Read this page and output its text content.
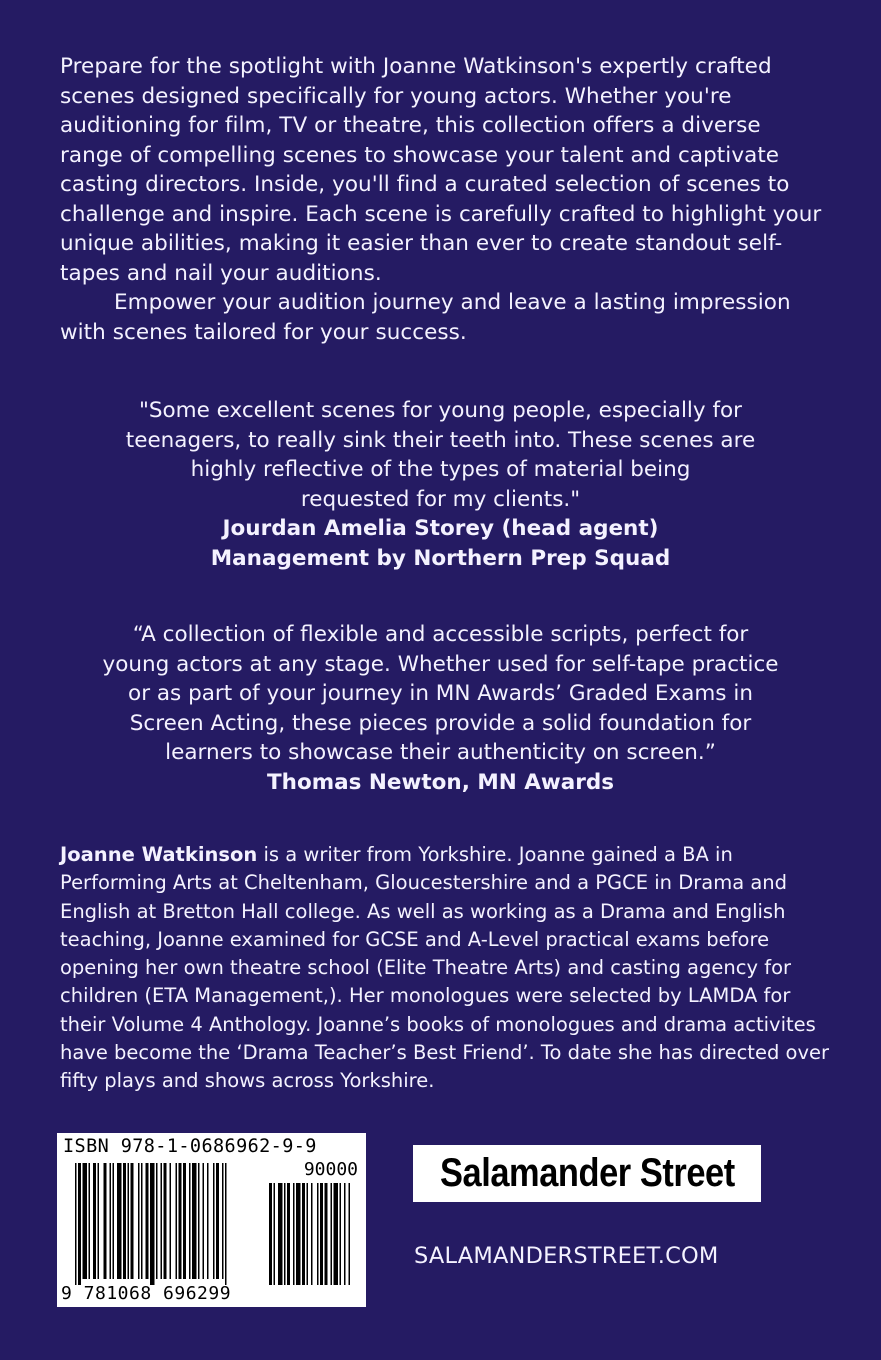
Prepare for the spotlight with Joanne Watkinson's expertly crafted scenes designed specifically for young actors. Whether you're auditioning for film, TV or theatre, this collection offers a diverse range of compelling scenes to showcase your talent and captivate casting directors. Inside, you'll find a curated selection of scenes to challenge and inspire. Each scene is carefully crafted to highlight your unique abilities, making it easier than ever to create standout self-tapes and nail your auditions.

Empower your audition journey and leave a lasting impression with scenes tailored for your success.

"Some excellent scenes for young people, especially for

teenagers, to really sink their teeth into. These scenes are

highly reflective of the types of material being

requested for my clients."

Jourdan Amelia Storey (head agent)

Management by Northern Prep Squad

“A collection of flexible and accessible scripts, perfect for

young actors at any stage. Whether used for self-tape practice

or as part of your journey in MN Awards’ Graded Exams in

Screen Acting, these pieces provide a solid foundation for

learners to showcase their authenticity on screen.”

Thomas Newton, MN Awards

Joanne Watkinson is a writer from Yorkshire. Joanne gained a BA in Performing Arts at Cheltenham, Gloucestershire and a PGCE in Drama and English at Bretton Hall college. As well as working as a Drama and English teaching, Joanne examined for GCSE and A-Level practical exams before opening her own theatre school (Elite Theatre Arts) and casting agency for children (ETA Management,). Her monologues were selected by LAMDA for their Volume 4 Anthology. Joanne’s books of monologues and drama activites have become the ‘Drama Teacher’s Best Friend’. To date she has directed over fifty plays and shows across Yorkshire.

ISBN 978-1-0686962-9-9
90000
9 781068 696299
Salamander Street
SALAMANDERSTREET.COM
